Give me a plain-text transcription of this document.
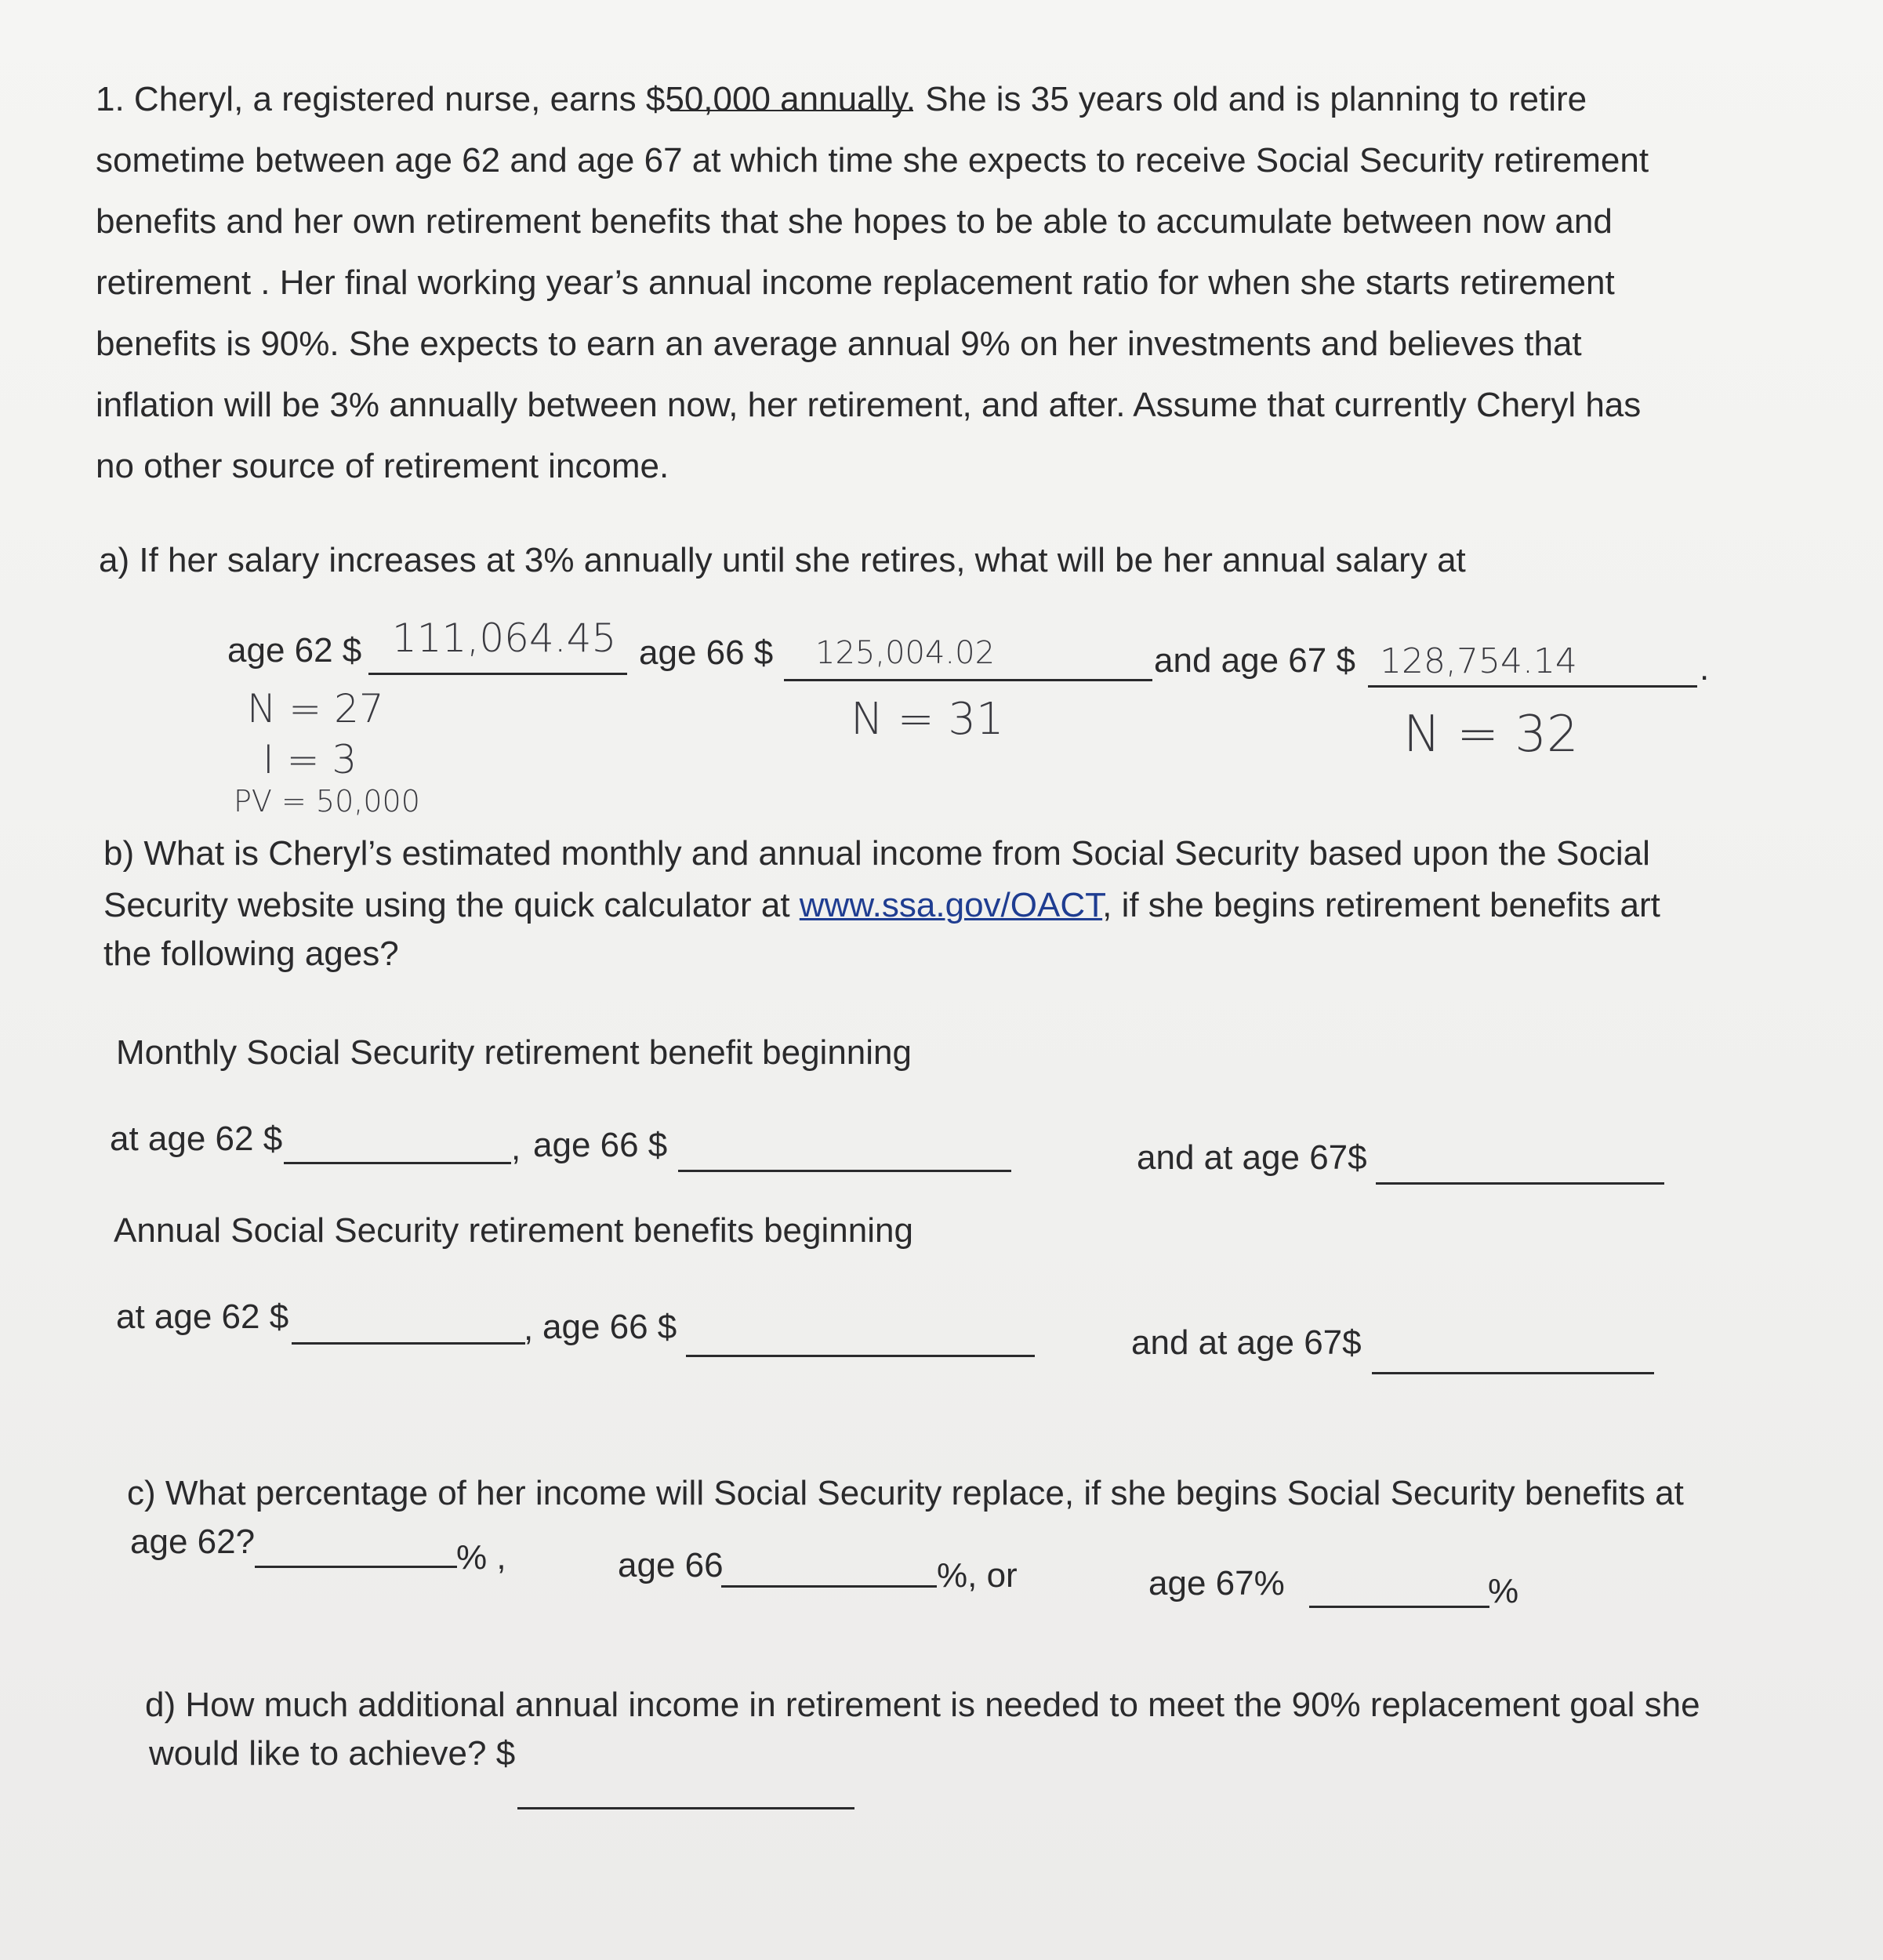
1. Cheryl, a registered nurse, earns $50,000 annually. She is 35 years old and is planning to retire
sometime between age 62 and age 67 at which time she expects to receive Social Security retirement
benefits and her own retirement benefits that she hopes to be able to accumulate between now and
retirement . Her final working year’s annual income replacement ratio for when she starts retirement
benefits is 90%. She expects to earn an average annual 9% on her investments and believes that
inflation will be 3% annually between now, her retirement, and after. Assume that currently Cheryl has
no other source of retirement income.
a) If her salary increases at 3% annually until she retires, what will be her annual salary at
age 62 $ 111,064.45 age 66 $ 125,004.02	and age 67 $ 128,754.14	.
N = 27
I = 3
PV = 50,000
N = 31	N = 32
b) What is Cheryl’s estimated monthly and annual income from Social Security based upon the Social
Security website using the quick calculator at www.ssa.gov/OACT, if she begins retirement benefits art
the following ages?
Monthly Social Security retirement benefit beginning
at age 62 $	, age 66 $	and at age 67$
Annual Social Security retirement benefits beginning
at age 62 $	, age 66 $	and at age 67$
c) What percentage of her income will Social Security replace, if she begins Social Security benefits at
age 62?	% ,	age 66	%, or	age 67%	%
d) How much additional annual income in retirement is needed to meet the 90% replacement goal she
would like to achieve? $
